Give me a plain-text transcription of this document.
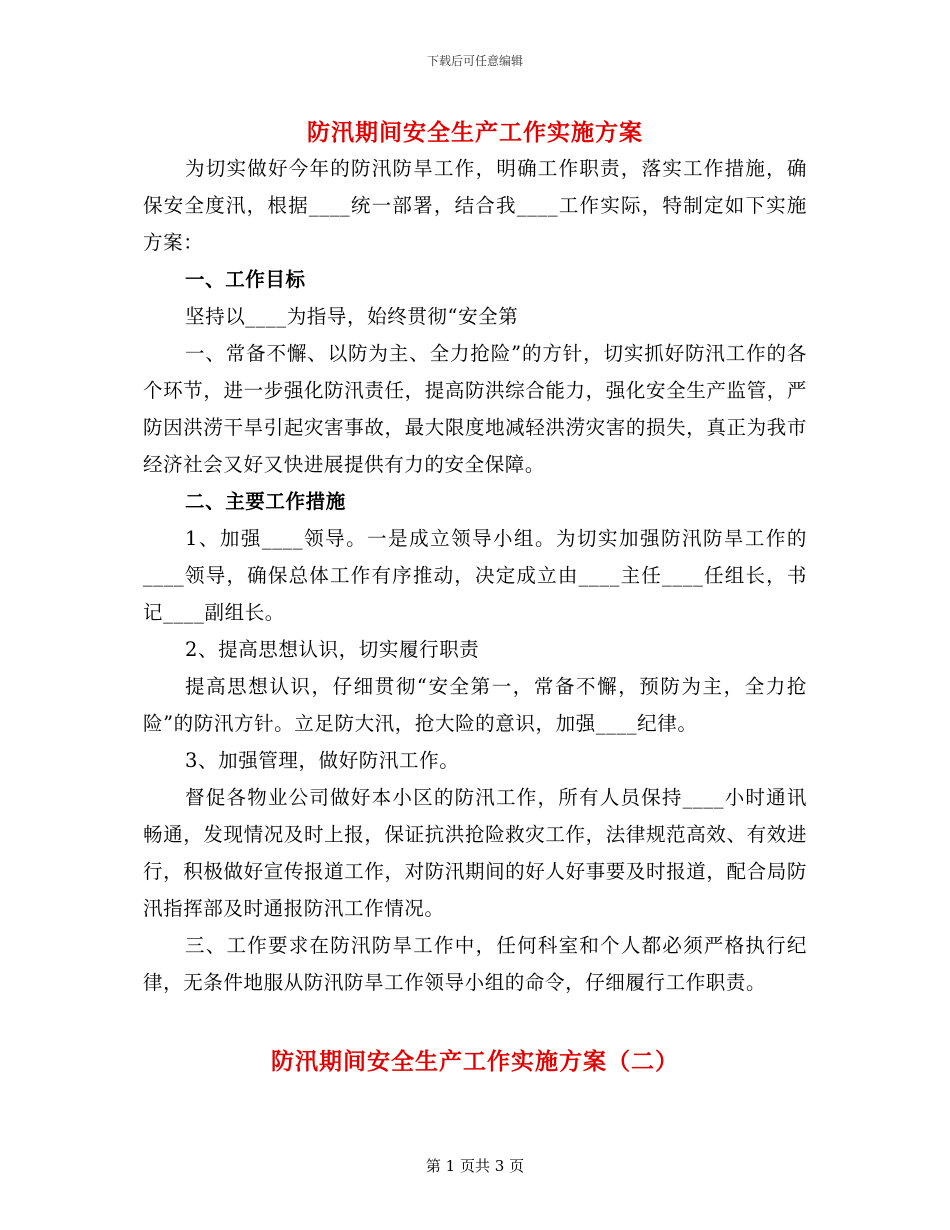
下载后可任意编辑
防汛期间安全生产工作实施方案

为切实做好今年的防汛防旱工作，明确工作职责，落实工作措施，确保安全度汛，根据____统一部署，结合我____工作实际，特制定如下实施方案：

一、工作目标

坚持以____为指导，始终贯彻“安全第

一、常备不懈、以防为主、全力抢险”的方针，切实抓好防汛工作的各个环节，进一步强化防汛责任，提高防洪综合能力，强化安全生产监管，严防因洪涝干旱引起灾害事故，最大限度地减轻洪涝灾害的损失，真正为我市经济社会又好又快进展提供有力的安全保障。

二、主要工作措施

1、加强____领导。一是成立领导小组。为切实加强防汛防旱工作的____领导，确保总体工作有序推动，决定成立由____主任____任组长，书记____副组长。

2、提高思想认识，切实履行职责

提高思想认识，仔细贯彻“安全第一，常备不懈，预防为主，全力抢险”的防汛方针。立足防大汛，抢大险的意识，加强____纪律。

3、加强管理，做好防汛工作。

督促各物业公司做好本小区的防汛工作，所有人员保持____小时通讯畅通，发现情况及时上报，保证抗洪抢险救灾工作，法律规范高效、有效进行，积极做好宣传报道工作，对防汛期间的好人好事要及时报道，配合局防汛指挥部及时通报防汛工作情况。

三、工作要求在防汛防旱工作中，任何科室和个人都必须严格执行纪律，无条件地服从防汛防旱工作领导小组的命令，仔细履行工作职责。

防汛期间安全生产工作实施方案（二）
第 1 页共 3 页
